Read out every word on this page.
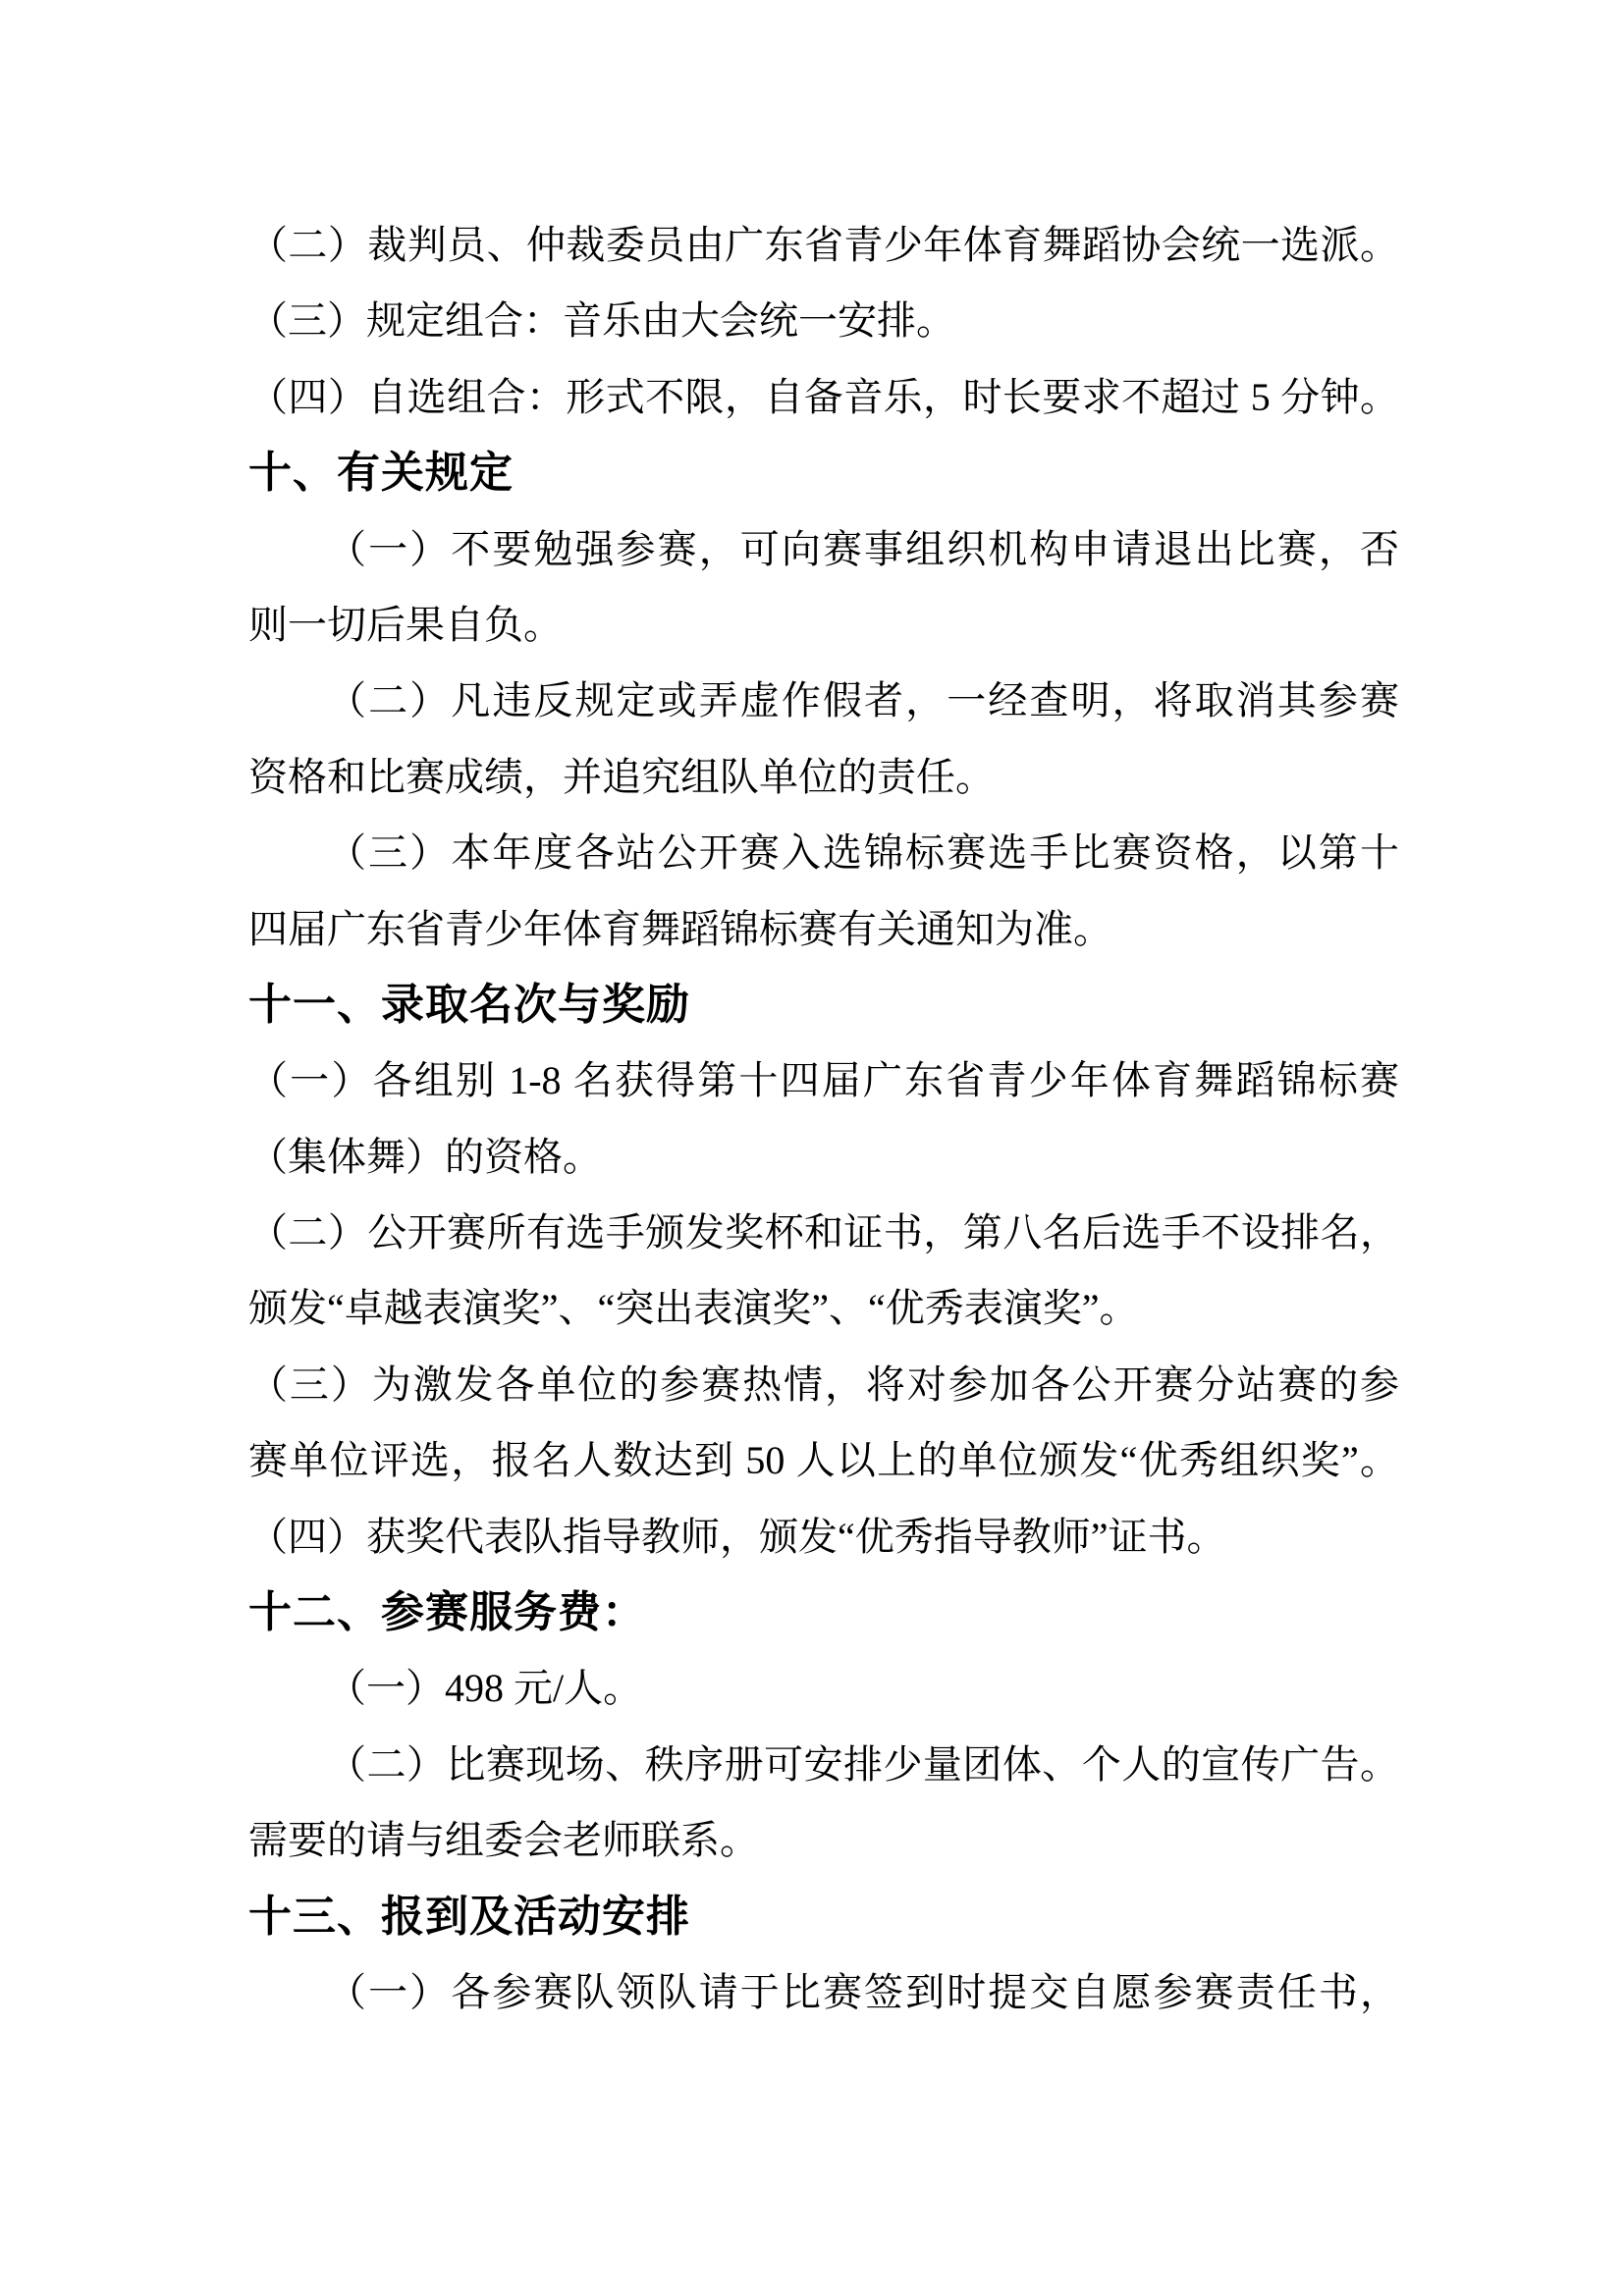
（二）裁判员、仲裁委员由广东省青少年体育舞蹈协会统一选派。
（三）规定组合：音乐由大会统一安排。
（四）自选组合：形式不限，自备音乐，时长要求不超过 5 分钟。
十、有关规定
（一）不要勉强参赛，可向赛事组织机构申请退出比赛，否
则一切后果自负。
（二）凡违反规定或弄虚作假者，一经查明，将取消其参赛
资格和比赛成绩，并追究组队单位的责任。
（三）本年度各站公开赛入选锦标赛选手比赛资格，以第十
四届广东省青少年体育舞蹈锦标赛有关通知为准。
十一、录取名次与奖励
（一）各组别 1-8 名获得第十四届广东省青少年体育舞蹈锦标赛
（集体舞）的资格。
（二）公开赛所有选手颁发奖杯和证书，第八名后选手不设排名，
颁发“卓越表演奖”、“突出表演奖”、“优秀表演奖”。
（三）为激发各单位的参赛热情，将对参加各公开赛分站赛的参
赛单位评选，报名人数达到 50 人以上的单位颁发“优秀组织奖”。
（四）获奖代表队指导教师，颁发“优秀指导教师”证书。
十二、参赛服务费：
（一）498 元/人。
（二）比赛现场、秩序册可安排少量团体、个人的宣传广告。
需要的请与组委会老师联系。
十三、报到及活动安排
（一）各参赛队领队请于比赛签到时提交自愿参赛责任书，
